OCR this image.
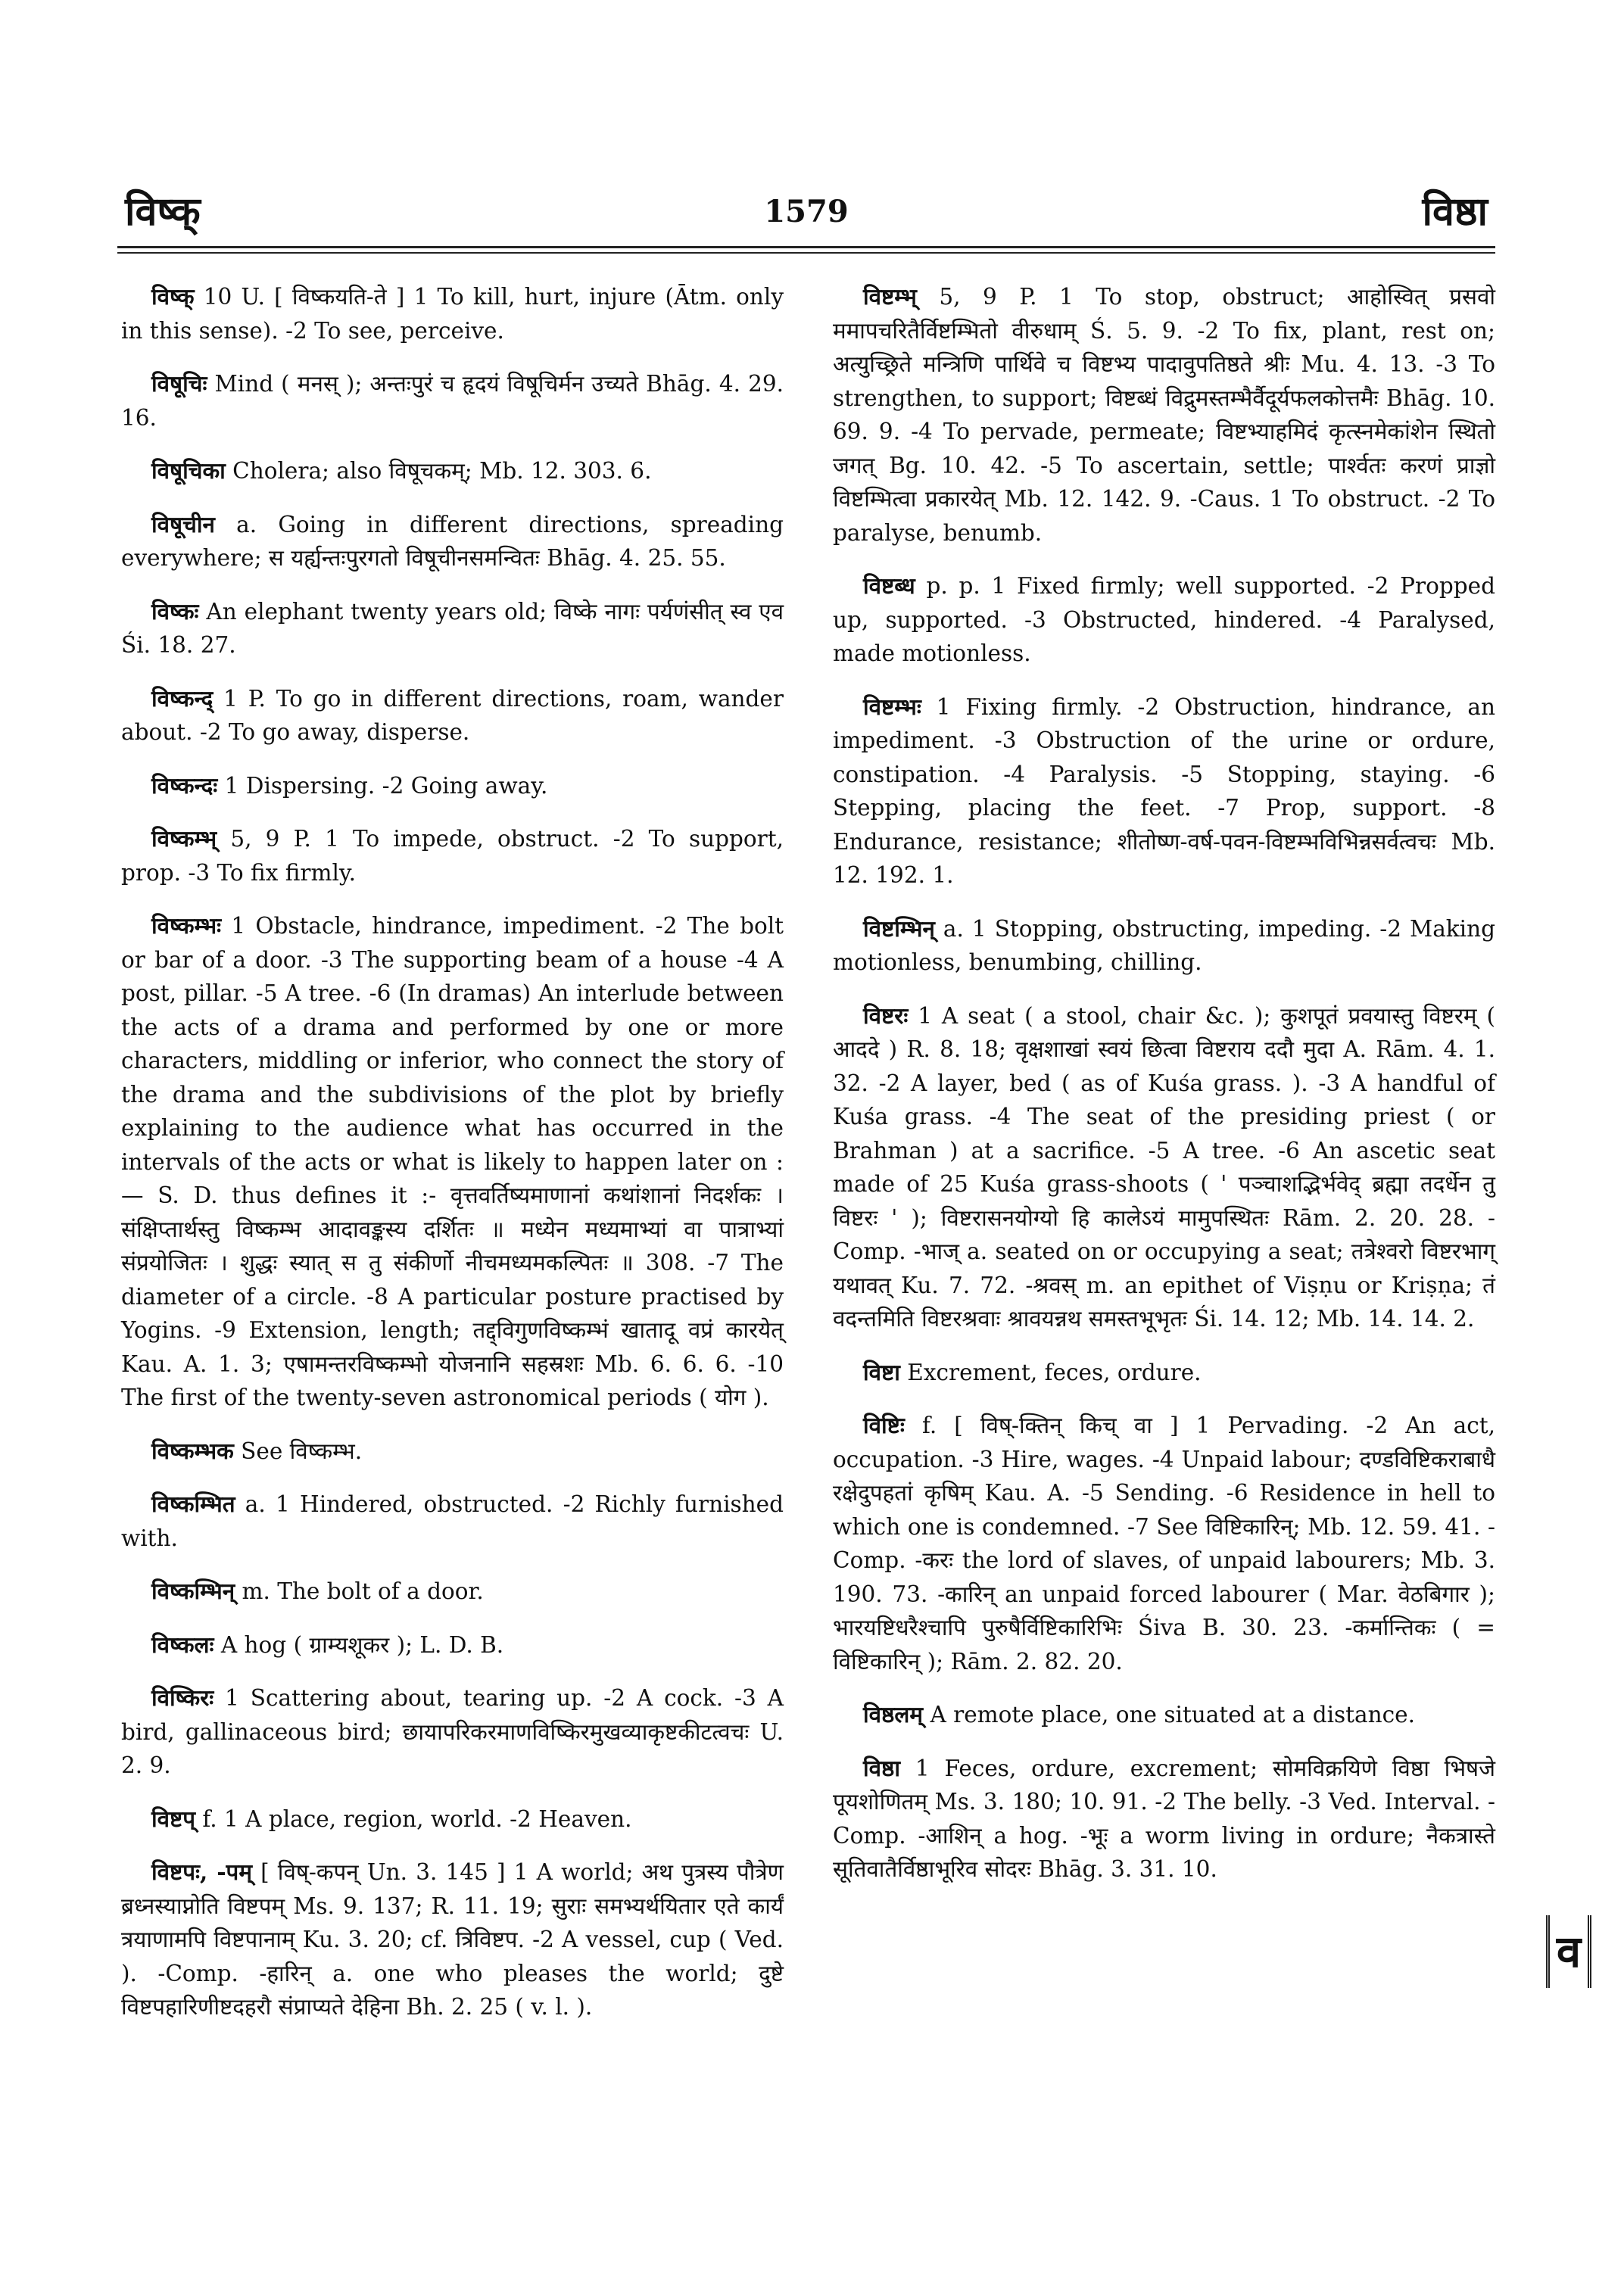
विष्क्	1579	विष्ठा

विष्क् 10 U. [ विष्कयति-ते ] 1 To kill, hurt, injure (Ātm. only in this sense). -2 To see, perceive.

विषूचिः Mind ( मनस् ); अन्तःपुरं च हृदयं विषूचिर्मन उच्यते Bhāg. 4. 29. 16.

विषूचिका Cholera; also विषूचकम्; Mb. 12. 303. 6.

विषूचीन a. Going in different directions, spreading everywhere; स यर्ह्यन्तःपुरगतो विषूचीनसमन्वितः Bhāg. 4. 25. 55.

विष्कः An elephant twenty years old; विष्के नागः पर्यणंसीत् स्व एव Śi. 18. 27.

विष्कन्द् 1 P. To go in different directions, roam, wander about. -2 To go away, disperse.

विष्कन्दः 1 Dispersing. -2 Going away.

विष्कम्भ् 5, 9 P. 1 To impede, obstruct. -2 To support, prop. -3 To fix firmly.

विष्कम्भः 1 Obstacle, hindrance, impediment. -2 The bolt or bar of a door. -3 The supporting beam of a house -4 A post, pillar. -5 A tree. -6 (In dramas) An interlude between the acts of a drama and performed by one or more characters, middling or inferior, who connect the story of the drama and the subdivisions of the plot by briefly explaining to the audience what has occurred in the intervals of the acts or what is likely to happen later on :— S. D. thus defines it :- वृत्तवर्तिष्यमाणानां कथांशानां निदर्शकः । संक्षिप्तार्थस्तु विष्कम्भ आदावङ्कस्य दर्शितः ॥ मध्येन मध्यमाभ्यां वा पात्राभ्यां संप्रयोजितः । शुद्धः स्यात् स तु संकीर्णो नीचमध्यमकल्पितः ॥ 308. -7 The diameter of a circle. -8 A particular posture practised by Yogins. -9 Extension, length; तद्द्विगुणविष्कम्भं खातादू वप्रं कारयेत् Kau. A. 1. 3; एषामन्तरविष्कम्भो योजनानि सहस्रशः Mb. 6. 6. 6. -10 The first of the twenty-seven astronomical periods ( योग ).

विष्कम्भक See विष्कम्भ.

विष्कम्भित a. 1 Hindered, obstructed. -2 Richly furnished with.

विष्कम्भिन् m. The bolt of a door.

विष्कलः A hog ( ग्राम्यशूकर ); L. D. B.

विष्किरः 1 Scattering about, tearing up. -2 A cock. -3 A bird, gallinaceous bird; छायापरिकरमाणविष्किरमुखव्याकृष्टकीटत्वचः U. 2. 9.

विष्टप् f. 1 A place, region, world. -2 Heaven.

विष्टपः, -पम् [ विष्-कपन् Un. 3. 145 ] 1 A world; अथ पुत्रस्य पौत्रेण ब्रध्नस्याप्नोति विष्टपम् Ms. 9. 137; R. 11. 19; सुराः समभ्यर्थयितार एते कार्यं त्रयाणामपि विष्टपानाम् Ku. 3. 20; cf. त्रिविष्टप. -2 A vessel, cup ( Ved. ). -Comp. -हारिन् a. one who pleases the world; दुष्टे विष्टपहारिणीष्टदहरौ संप्राप्यते देहिना Bh. 2. 25 ( v. l. ).

विष्टम्भ् 5, 9 P. 1 To stop, obstruct; आहोस्वित् प्रसवो ममापचरितैर्विष्टम्भितो वीरुधाम् Ś. 5. 9. -2 To fix, plant, rest on; अत्युच्छ्रिते मन्त्रिणि पार्थिवे च विष्टभ्य पादावुपतिष्ठते श्रीः Mu. 4. 13. -3 To strengthen, to support; विष्टब्धं विद्रुमस्तम्भैर्वैदूर्यफलकोत्तमैः Bhāg. 10. 69. 9. -4 To pervade, permeate; विष्टभ्याहमिदं कृत्स्नमेकांशेन स्थितो जगत् Bg. 10. 42. -5 To ascertain, settle; पार्श्वतः करणं प्राज्ञो विष्टम्भित्वा प्रकारयेत् Mb. 12. 142. 9. -Caus. 1 To obstruct. -2 To paralyse, benumb.

विष्टब्ध p. p. 1 Fixed firmly; well supported. -2 Propped up, supported. -3 Obstructed, hindered. -4 Paralysed, made motionless.

विष्टम्भः 1 Fixing firmly. -2 Obstruction, hindrance, an impediment. -3 Obstruction of the urine or ordure, constipation. -4 Paralysis. -5 Stopping, staying. -6 Stepping, placing the feet. -7 Prop, support. -8 Endurance, resistance; शीतोष्ण-वर्ष-पवन-विष्टम्भविभिन्नसर्वत्वचः Mb. 12. 192. 1.

विष्टम्भिन् a. 1 Stopping, obstructing, impeding. -2 Making motionless, benumbing, chilling.

विष्टरः 1 A seat ( a stool, chair &c. ); कुशपूतं प्रवयास्तु विष्टरम् ( आददे ) R. 8. 18; वृक्षशाखां स्वयं छित्वा विष्टराय ददौ मुदा A. Rām. 4. 1. 32. -2 A layer, bed ( as of Kuśa grass. ). -3 A handful of Kuśa grass. -4 The seat of the presiding priest ( or Brahman ) at a sacrifice. -5 A tree. -6 An ascetic seat made of 25 Kuśa grass-shoots ( ' पञ्चाशद्भिर्भवेद् ब्रह्मा तदर्धेन तु विष्टरः ' ); विष्टरासनयोग्यो हि कालेऽयं मामुपस्थितः Rām. 2. 20. 28. -Comp. -भाज् a. seated on or occupying a seat; तत्रेश्वरो विष्टरभाग् यथावत् Ku. 7. 72. -श्रवस् m. an epithet of Viṣṇu or Kriṣṇa; तं वदन्तमिति विष्टरश्रवाः श्रावयन्नथ समस्तभूभृतः Śi. 14. 12; Mb. 14. 14. 2.

विष्टा Excrement, feces, ordure.

विष्टिः f. [ विष्-क्तिन् किच् वा ] 1 Pervading. -2 An act, occupation. -3 Hire, wages. -4 Unpaid labour; दण्डविष्टिकराबाधै रक्षेदुपहतां कृषिम् Kau. A. -5 Sending. -6 Residence in hell to which one is condemned. -7 See विष्टिकारिन्; Mb. 12. 59. 41. -Comp. -करः the lord of slaves, of unpaid labourers; Mb. 3. 190. 73. -कारिन् an unpaid forced labourer ( Mar. वेठबिगार ); भारयष्टिधरैश्चापि पुरुषैर्विष्टिकारिभिः Śiva B. 30. 23. -कर्मान्तिकः ( = विष्टिकारिन् ); Rām. 2. 82. 20.

विष्ठलम् A remote place, one situated at a distance.

विष्ठा 1 Feces, ordure, excrement; सोमविक्रयिणे विष्ठा भिषजे पूयशोणितम् Ms. 3. 180; 10. 91. -2 The belly. -3 Ved. Interval. -Comp. -आशिन् a hog. -भूः a worm living in ordure; नैकत्रास्ते सूतिवातैर्विष्ठाभूरिव सोदरः Bhāg. 3. 31. 10.

व
